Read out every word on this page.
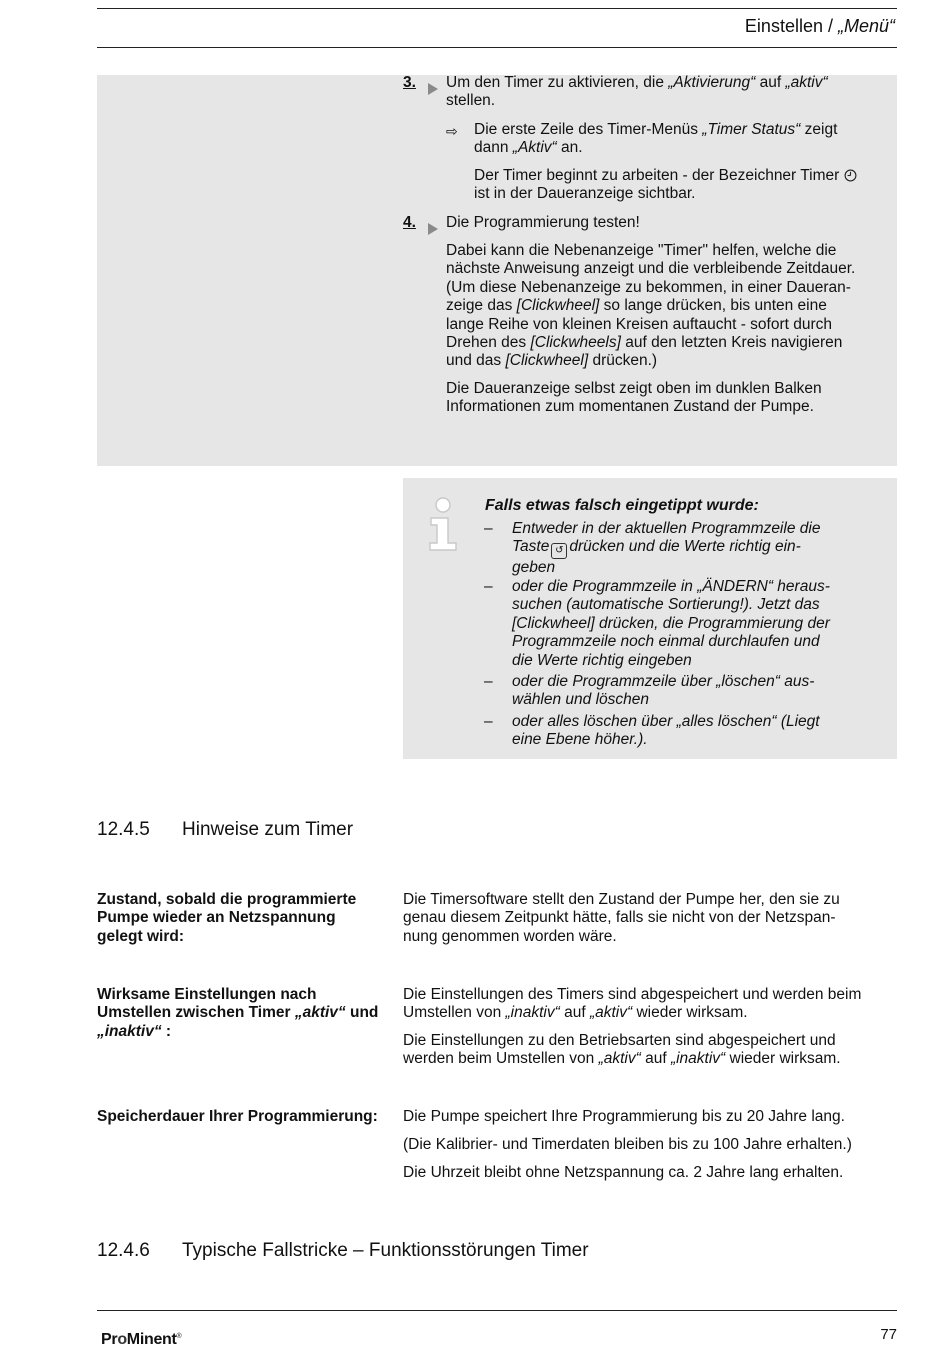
Einstellen / „Menü“
3. Um den Timer zu aktivieren, die „Aktivierung“ auf „aktiv“
stellen.
⇨ Die erste Zeile des Timer-Menüs „Timer Status“ zeigt
dann „Aktiv“ an.
Der Timer beginnt zu arbeiten - der Bezeichner Timer
ist in der Daueranzeige sichtbar.
4. Die Programmierung testen!
Dabei kann die Nebenanzeige "Timer" helfen, welche die
nächste Anweisung anzeigt und die verbleibende Zeitdauer.
(Um diese Nebenanzeige zu bekommen, in einer Daueran-
zeige das [Clickwheel] so lange drücken, bis unten eine
lange Reihe von kleinen Kreisen auftaucht - sofort durch
Drehen des [Clickwheels] auf den letzten Kreis navigieren
und das [Clickwheel] drücken.)
Die Daueranzeige selbst zeigt oben im dunklen Balken
Informationen zum momentanen Zustand der Pumpe.
Falls etwas falsch eingetippt wurde:
– Entweder in der aktuellen Programmzeile die
Taste ↺ drücken und die Werte richtig ein-
geben
– oder die Programmzeile in „ÄNDERN“ heraus-
suchen (automatische Sortierung!). Jetzt das
[Clickwheel] drücken, die Programmierung der
Programmzeile noch einmal durchlaufen und
die Werte richtig eingeben
– oder die Programmzeile über „löschen“ aus-
wählen und löschen
– oder alles löschen über „alles löschen“ (Liegt
eine Ebene höher.).
12.4.5 Hinweise zum Timer
Zustand, sobald die programmierte
Pumpe wieder an Netzspannung
gelegt wird:
Die Timersoftware stellt den Zustand der Pumpe her, den sie zu
genau diesem Zeitpunkt hätte, falls sie nicht von der Netzspan-
nung genommen worden wäre.
Wirksame Einstellungen nach
Umstellen zwischen Timer „aktiv“ und
„inaktiv“ :
Die Einstellungen des Timers sind abgespeichert und werden beim
Umstellen von „inaktiv“ auf „aktiv“ wieder wirksam.
Die Einstellungen zu den Betriebsarten sind abgespeichert und
werden beim Umstellen von „aktiv“ auf „inaktiv“ wieder wirksam.
Speicherdauer Ihrer Programmierung:	Die Pumpe speichert Ihre Programmierung bis zu 20 Jahre lang.
(Die Kalibrier- und Timerdaten bleiben bis zu 100 Jahre erhalten.)
Die Uhrzeit bleibt ohne Netzspannung ca. 2 Jahre lang erhalten.
12.4.6 Typische Fallstricke – Funktionsstörungen Timer
ProMinent®	77
